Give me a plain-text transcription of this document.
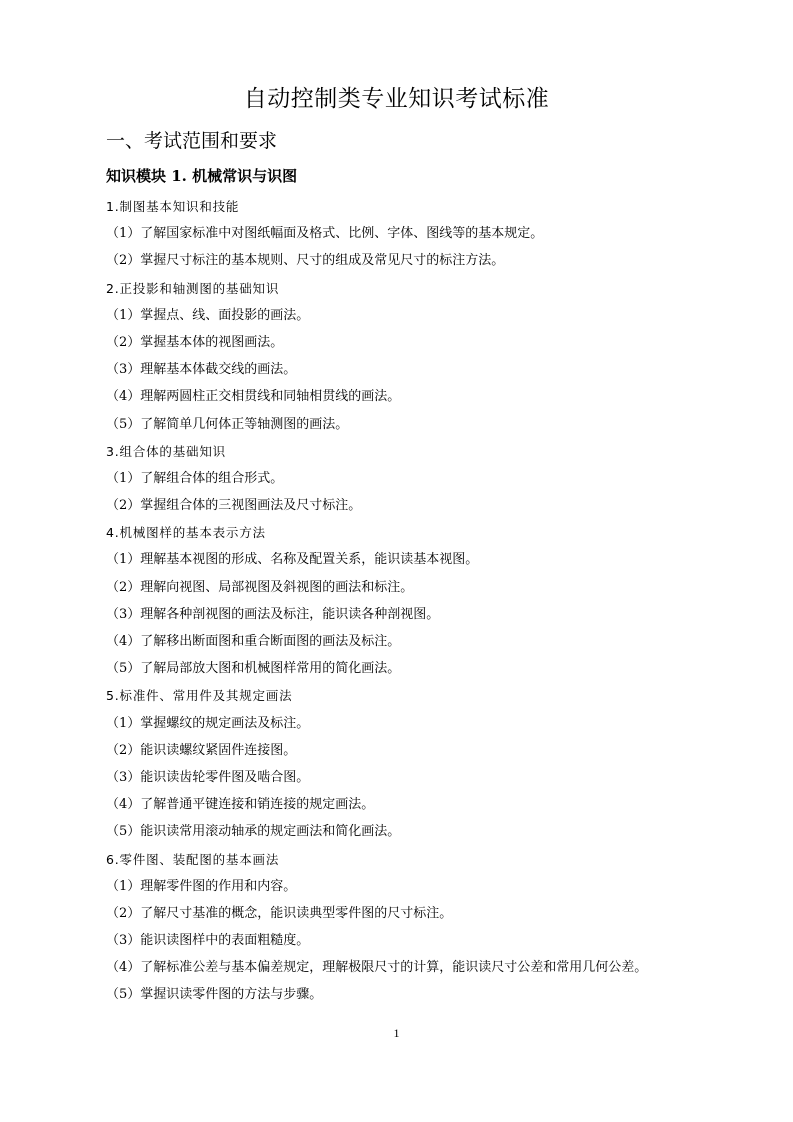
自动控制类专业知识考试标准
一、考试范围和要求
知识模块 1. 机械常识与识图
1.制图基本知识和技能
（1）了解国家标准中对图纸幅面及格式、比例、字体、图线等的基本规定。
（2）掌握尺寸标注的基本规则、尺寸的组成及常见尺寸的标注方法。
2.正投影和轴测图的基础知识
（1）掌握点、线、面投影的画法。
（2）掌握基本体的视图画法。
（3）理解基本体截交线的画法。
（4）理解两圆柱正交相贯线和同轴相贯线的画法。
（5）了解简单几何体正等轴测图的画法。
3.组合体的基础知识
（1）了解组合体的组合形式。
（2）掌握组合体的三视图画法及尺寸标注。
4.机械图样的基本表示方法
（1）理解基本视图的形成、名称及配置关系，能识读基本视图。
（2）理解向视图、局部视图及斜视图的画法和标注。
（3）理解各种剖视图的画法及标注，能识读各种剖视图。
（4）了解移出断面图和重合断面图的画法及标注。
（5）了解局部放大图和机械图样常用的简化画法。
5.标准件、常用件及其规定画法
（1）掌握螺纹的规定画法及标注。
（2）能识读螺纹紧固件连接图。
（3）能识读齿轮零件图及啮合图。
（4）了解普通平键连接和销连接的规定画法。
（5）能识读常用滚动轴承的规定画法和简化画法。
6.零件图、装配图的基本画法
（1）理解零件图的作用和内容。
（2）了解尺寸基准的概念，能识读典型零件图的尺寸标注。
（3）能识读图样中的表面粗糙度。
（4）了解标准公差与基本偏差规定，理解极限尺寸的计算，能识读尺寸公差和常用几何公差。
（5）掌握识读零件图的方法与步骤。
1
